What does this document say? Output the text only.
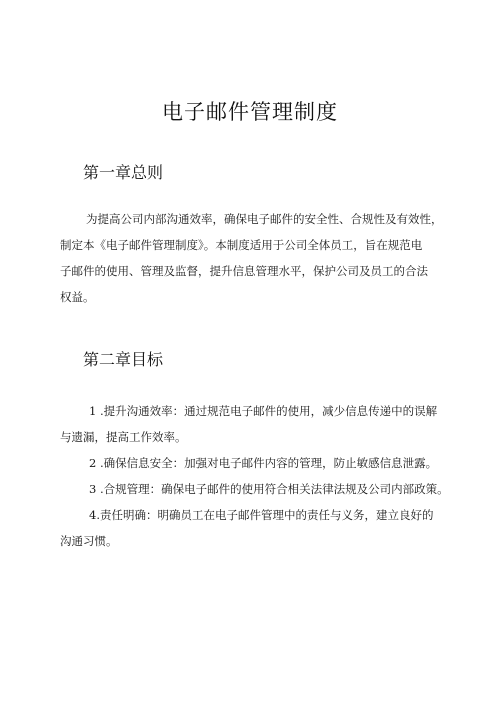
电子邮件管理制度
第一章总则
为提高公司内部沟通效率，确保电子邮件的安全性、合规性及有效性，
制定本《电子邮件管理制度》。本制度适用于公司全体员工，旨在规范电
子邮件的使用、管理及监督，提升信息管理水平，保护公司及员工的合法
权益。
第二章目标
1 .提升沟通效率：通过规范电子邮件的使用，减少信息传递中的误解
与遗漏，提高工作效率。
2 .确保信息安全：加强对电子邮件内容的管理，防止敏感信息泄露。
3 .合规管理：确保电子邮件的使用符合相关法律法规及公司内部政策。
4.责任明确：明确员工在电子邮件管理中的责任与义务，建立良好的
沟通习惯。
